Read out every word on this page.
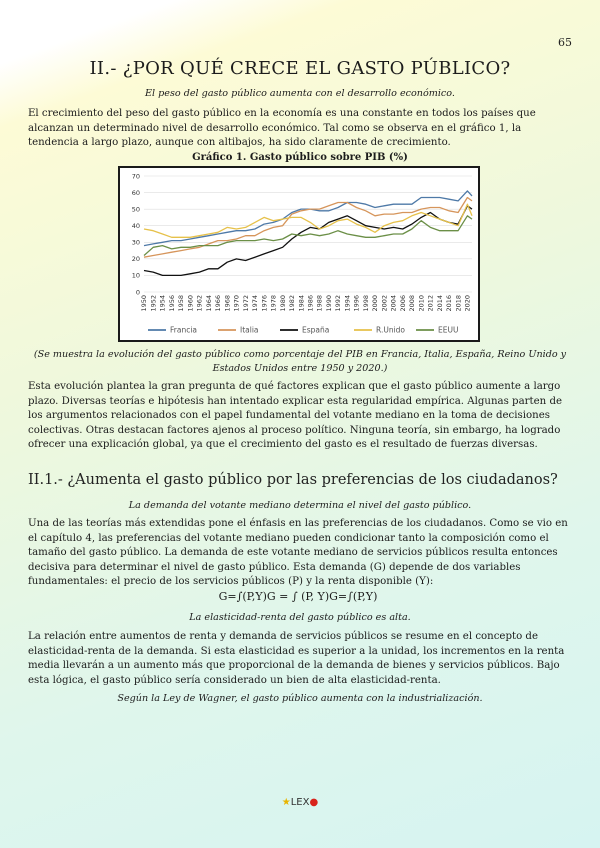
65
II.- ¿POR QUÉ CRECE EL GASTO PÚBLICO?
El peso del gasto público aumenta con el desarrollo económico.
El crecimiento del peso del gasto público en la economía es una constante en todos los países que alcanzan un determinado nivel de desarrollo económico. Tal como se observa en el gráfico 1, la tendencia a largo plazo, aunque con altibajos, ha sido claramente de crecimiento.
Gráfico 1. Gasto público sobre PIB (%)
0
10
20
30
40
50
60
70
1950 1952 1954 1956 1958 1960 1962 1964 1966 1968 1970 1972 1974 1976 1978 1980 1982 1984 1986 1988 1990 1992 1994 1996 1998 2000 2002 2004 2006 2008 2010 2012 2014 2016 2018 2020
Francia	Italia	España	R.Unido	EEUU
(Se muestra la evolución del gasto público como porcentaje del PIB en Francia, Italia, España, Reino Unido y Estados Unidos entre 1950 y 2020.)
Esta evolución plantea la gran pregunta de qué factores explican que el gasto público aumente a largo plazo. Diversas teorías e hipótesis han intentado explicar esta regularidad empírica. Algunas parten de los argumentos relacionados con el papel fundamental del votante mediano en la toma de decisiones colectivas. Otras destacan factores ajenos al proceso político. Ninguna teoría, sin embargo, ha logrado ofrecer una explicación global, ya que el crecimiento del gasto es el resultado de fuerzas diversas.
II.1.- ¿Aumenta el gasto público por las preferencias de los ciudadanos?
La demanda del votante mediano determina el nivel del gasto público.
Una de las teorías más extendidas pone el énfasis en las preferencias de los ciudadanos. Como se vio en el capítulo 4, las preferencias del votante mediano pueden condicionar tanto la composición como el tamaño del gasto público. La demanda de este votante mediano de servicios públicos resulta entonces decisiva para determinar el nivel de gasto público. Esta demanda (G) depende de dos variables fundamentales: el precio de los servicios públicos (P) y la renta disponible (Y):
G=∫(P,Y)G = ∫ (P, Y)G=∫(P,Y)
La elasticidad-renta del gasto público es alta.
La relación entre aumentos de renta y demanda de servicios públicos se resume en el concepto de elasticidad-renta de la demanda. Si esta elasticidad es superior a la unidad, los incrementos en la renta media llevarán a un aumento más que proporcional de la demanda de bienes y servicios públicos. Bajo esta lógica, el gasto público sería considerado un bien de alta elasticidad-renta.
Según la Ley de Wagner, el gasto público aumenta con la industrialización.
★LEX●
